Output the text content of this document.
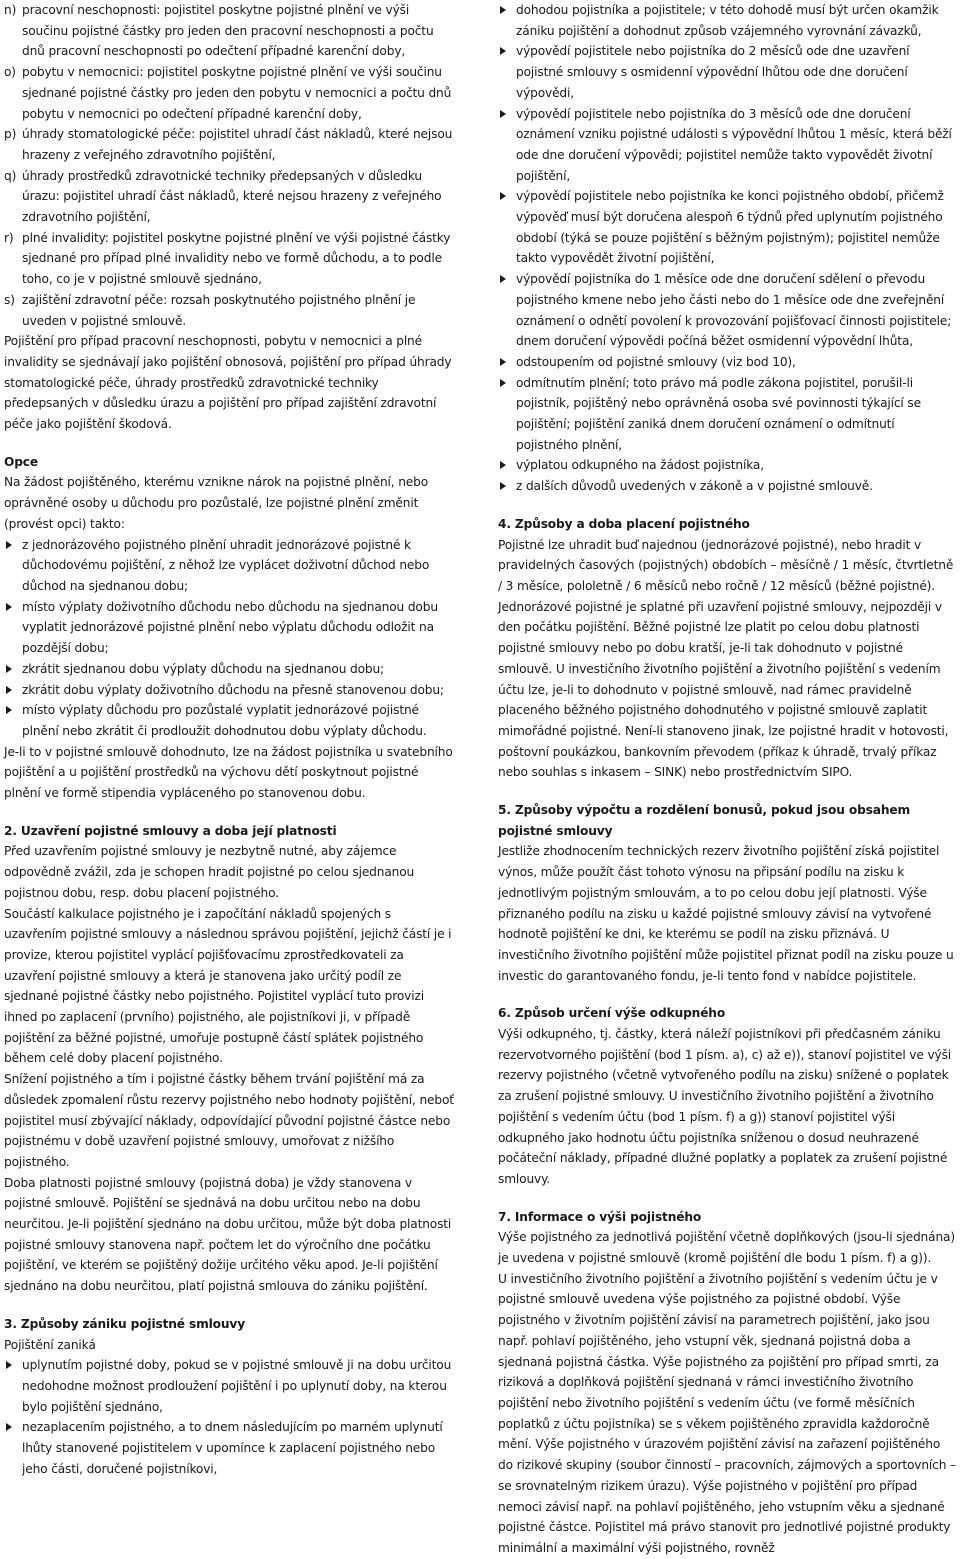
n) pracovní neschopnosti: pojistitel poskytne pojistné plnění ve výši součinu pojistné částky pro jeden den pracovní neschopnosti a počtu dnů pracovní neschopnosti po odečtení případné karenční doby,
o) pobytu v nemocnici: pojistitel poskytne pojistné plnění ve výši součinu sjednané pojistné částky pro jeden den pobytu v nemocnici a počtu dnů pobytu v nemocnici po odečtení případné karenční doby,
p) úhrady stomatologické péče: pojistitel uhradí část nákladů, které nejsou hrazeny z veřejného zdravotního pojištění,
q) úhrady prostředků zdravotnické techniky předepsaných v důsledku úrazu: pojistitel uhradí část nákladů, které nejsou hrazeny z veřejného zdravotního pojištění,
r) plné invalidity: pojistitel poskytne pojistné plnění ve výši pojistné částky sjednané pro případ plné invalidity nebo ve formě důchodu, a to podle toho, co je v pojistné smlouvě sjednáno,
s) zajištění zdravotní péče: rozsah poskytnutého pojistného plnění je uveden v pojistné smlouvě.

Pojištění pro případ pracovní neschopnosti, pobytu v nemocnici a plné invalidity se sjednávají jako pojištění obnosová, pojištění pro případ úhrady stomatologické péče, úhrady prostředků zdravotnické techniky předepsaných v důsledku úrazu a pojištění pro případ zajištění zdravotní péče jako pojištění škodová.

Opce

Na žádost pojištěného, kterému vznikne nárok na pojistné plnění, nebo oprávněné osoby u důchodu pro pozůstalé, lze pojistné plnění změnit (provést opci) takto:

z jednorázového pojistného plnění uhradit jednorázové pojistné k důchodovému pojištění, z něhož lze vyplácet doživotní důchod nebo důchod na sjednanou dobu;
místo výplaty doživotního důchodu nebo důchodu na sjednanou dobu vyplatit jednorázové pojistné plnění nebo výplatu důchodu odložit na pozdější dobu;
zkrátit sjednanou dobu výplaty důchodu na sjednanou dobu;
zkrátit dobu výplaty doživotního důchodu na přesně stanovenou dobu;
místo výplaty důchodu pro pozůstalé vyplatit jednorázové pojistné plnění nebo zkrátit či prodloužit dohodnutou dobu výplaty důchodu.

Je-li to v pojistné smlouvě dohodnuto, lze na žádost pojistníka u svatebního pojištění a u pojištění prostředků na výchovu dětí poskytnout pojistné plnění ve formě stipendia vypláceného po stanovenou dobu.

2. Uzavření pojistné smlouvy a doba její platnosti

Před uzavřením pojistné smlouvy je nezbytně nutné, aby zájemce odpovědně zvážil, zda je schopen hradit pojistné po celou sjednanou pojistnou dobu, resp. dobu placení pojistného.

Součástí kalkulace pojistného je i započítání nákladů spojených s uzavřením pojistné smlouvy a následnou správou pojištění, jejichž částí je i provize, kterou pojistitel vyplácí pojišťovacímu zprostředkovateli za uzavření pojistné smlouvy a která je stanovena jako určitý podíl ze sjednané pojistné částky nebo pojistného. Pojistitel vyplácí tuto provizi ihned po zaplacení (prvního) pojistného, ale pojistníkovi ji, v případě pojištění za běžné pojistné, umořuje postupně částí splátek pojistného během celé doby placení pojistného.

Snížení pojistného a tím i pojistné částky během trvání pojištění má za důsledek zpomalení růstu rezervy pojistného nebo hodnoty pojištění, neboť pojistitel musí zbývající náklady, odpovídající původní pojistné částce nebo pojistnému v době uzavření pojistné smlouvy, umořovat z nižšího pojistného.

Doba platnosti pojistné smlouvy (pojistná doba) je vždy stanovena v pojistné smlouvě. Pojištění se sjednává na dobu určitou nebo na dobu neurčitou. Je-li pojištění sjednáno na dobu určitou, může být doba platnosti pojistné smlouvy stanovena např. počtem let do výročního dne počátku pojištění, ve kterém se pojištěný dožije určitého věku apod. Je-li pojištění sjednáno na dobu neurčitou, platí pojistná smlouva do zániku pojištění.

3. Způsoby zániku pojistné smlouvy

Pojištění zaniká

uplynutím pojistné doby, pokud se v pojistné smlouvě ji na dobu určitou nedohodne možnost prodloužení pojištění i po uplynutí doby, na kterou bylo pojištění sjednáno,
nezaplacením pojistného, a to dnem následujícím po marném uplynutí lhůty stanovené pojistitelem v upomínce k zaplacení pojistného nebo jeho části, doručené pojistníkovi,
dohodou pojistníka a pojistitele; v této dohodě musí být určen okamžik zániku pojištění a dohodnut způsob vzájemného vyrovnání závazků,
výpovědí pojistitele nebo pojistníka do 2 měsíců ode dne uzavření pojistné smlouvy s osmidenní výpovědní lhůtou ode dne doručení výpovědi,
výpovědí pojistitele nebo pojistníka do 3 měsíců ode dne doručení oznámení vzniku pojistné události s výpovědní lhůtou 1 měsíc, která běží ode dne doručení výpovědi; pojistitel nemůže takto vypovědět životní pojištění,
výpovědí pojistitele nebo pojistníka ke konci pojistného období, přičemž výpověď musí být doručena alespoň 6 týdnů před uplynutím pojistného období (týká se pouze pojištění s běžným pojistným); pojistitel nemůže takto vypovědět životní pojištění,
výpovědí pojistníka do 1 měsíce ode dne doručení sdělení o převodu pojistného kmene nebo jeho části nebo do 1 měsíce ode dne zveřejnění oznámení o odnětí povolení k provozování pojišťovací činnosti pojistitele; dnem doručení výpovědi počíná běžet osmidenní výpovědní lhůta,
odstoupením od pojistné smlouvy (viz bod 10),
odmítnutím plnění; toto právo má podle zákona pojistitel, porušil-li pojistník, pojištěný nebo oprávněná osoba své povinnosti týkající se pojištění; pojištění zaniká dnem doručení oznámení o odmítnutí pojistného plnění,
výplatou odkupného na žádost pojistníka,
z dalších důvodů uvedených v zákoně a v pojistné smlouvě.

4. Způsoby a doba placení pojistného

Pojistné lze uhradit buď najednou (jednorázové pojistné), nebo hradit v pravidelných časových (pojistných) obdobích – měsíčně / 1 měsíc, čtvrtletně / 3 měsíce, pololetně / 6 měsíců nebo ročně / 12 měsíců (běžné pojistné). Jednorázové pojistné je splatné při uzavření pojistné smlouvy, nejpozději v den počátku pojištění. Běžné pojistné lze platit po celou dobu platnosti pojistné smlouvy nebo po dobu kratší, je-li tak dohodnuto v pojistné smlouvě. U investičního životního pojištění a životního pojištění s vedením účtu lze, je-li to dohodnuto v pojistné smlouvě, nad rámec pravidelně placeného běžného pojistného dohodnutého v pojistné smlouvě zaplatit mimořádné pojistné. Není-li stanoveno jinak, lze pojistné hradit v hotovosti, poštovní poukázkou, bankovním převodem (příkaz k úhradě, trvalý příkaz nebo souhlas s inkasem – SINK) nebo prostřednictvím SIPO.

5. Způsoby výpočtu a rozdělení bonusů, pokud jsou obsahem pojistné smlouvy

Jestliže zhodnocením technických rezerv životního pojištění získá pojistitel výnos, může použít část tohoto výnosu na připsání podílu na zisku k jednotlivým pojistným smlouvám, a to po celou dobu její platnosti. Výše přiznaného podílu na zisku u každé pojistné smlouvy závisí na vytvořené hodnotě pojištění ke dni, ke kterému se podíl na zisku přiznává. U investičního životního pojištění může pojistitel přiznat podíl na zisku pouze u investic do garantovaného fondu, je-li tento fond v nabídce pojistitele.

6. Způsob určení výše odkupného

Výši odkupného, tj. částky, která náleží pojistníkovi při předčasném zániku rezervotvorného pojištění (bod 1 písm. a), c) až e)), stanoví pojistitel ve výši rezervy pojistného (včetně vytvořeného podílu na zisku) snížené o poplatek za zrušení pojistné smlouvy. U investičního životního pojištění a životního pojištění s vedením účtu (bod 1 písm. f) a g)) stanoví pojistitel výši odkupného jako hodnotu účtu pojistníka sníženou o dosud neuhrazené počáteční náklady, případné dlužné poplatky a poplatek za zrušení pojistné smlouvy.

7. Informace o výši pojistného

Výše pojistného za jednotlivá pojištění včetně doplňkových (jsou-li sjednána) je uvedena v pojistné smlouvě (kromě pojištění dle bodu 1 písm. f) a g)).

U investičního životního pojištění a životního pojištění s vedením účtu je v pojistné smlouvě uvedena výše pojistného za pojistné období. Výše pojistného v životním pojištění závisí na parametrech pojištění, jako jsou např. pohlaví pojištěného, jeho vstupní věk, sjednaná pojistná doba a sjednaná pojistná částka. Výše pojistného za pojištění pro případ smrti, za riziková a doplňková pojištění sjednaná v rámci investičního životního pojištění nebo životního pojištění s vedením účtu (ve formě měsíčních poplatků z účtu pojistníka) se s věkem pojištěného zpravidla každoročně mění. Výše pojistného v úrazovém pojištění závisí na zařazení pojištěného do rizikové skupiny (soubor činností – pracovních, zájmových a sportovních – se srovnatelným rizikem úrazu). Výše pojistného v pojištění pro případ nemoci závisí např. na pohlaví pojištěného, jeho vstupním věku a sjednané pojistné částce. Pojistitel má právo stanovit pro jednotlivé pojistné produkty minimální a maximální výši pojistného, rovněž
